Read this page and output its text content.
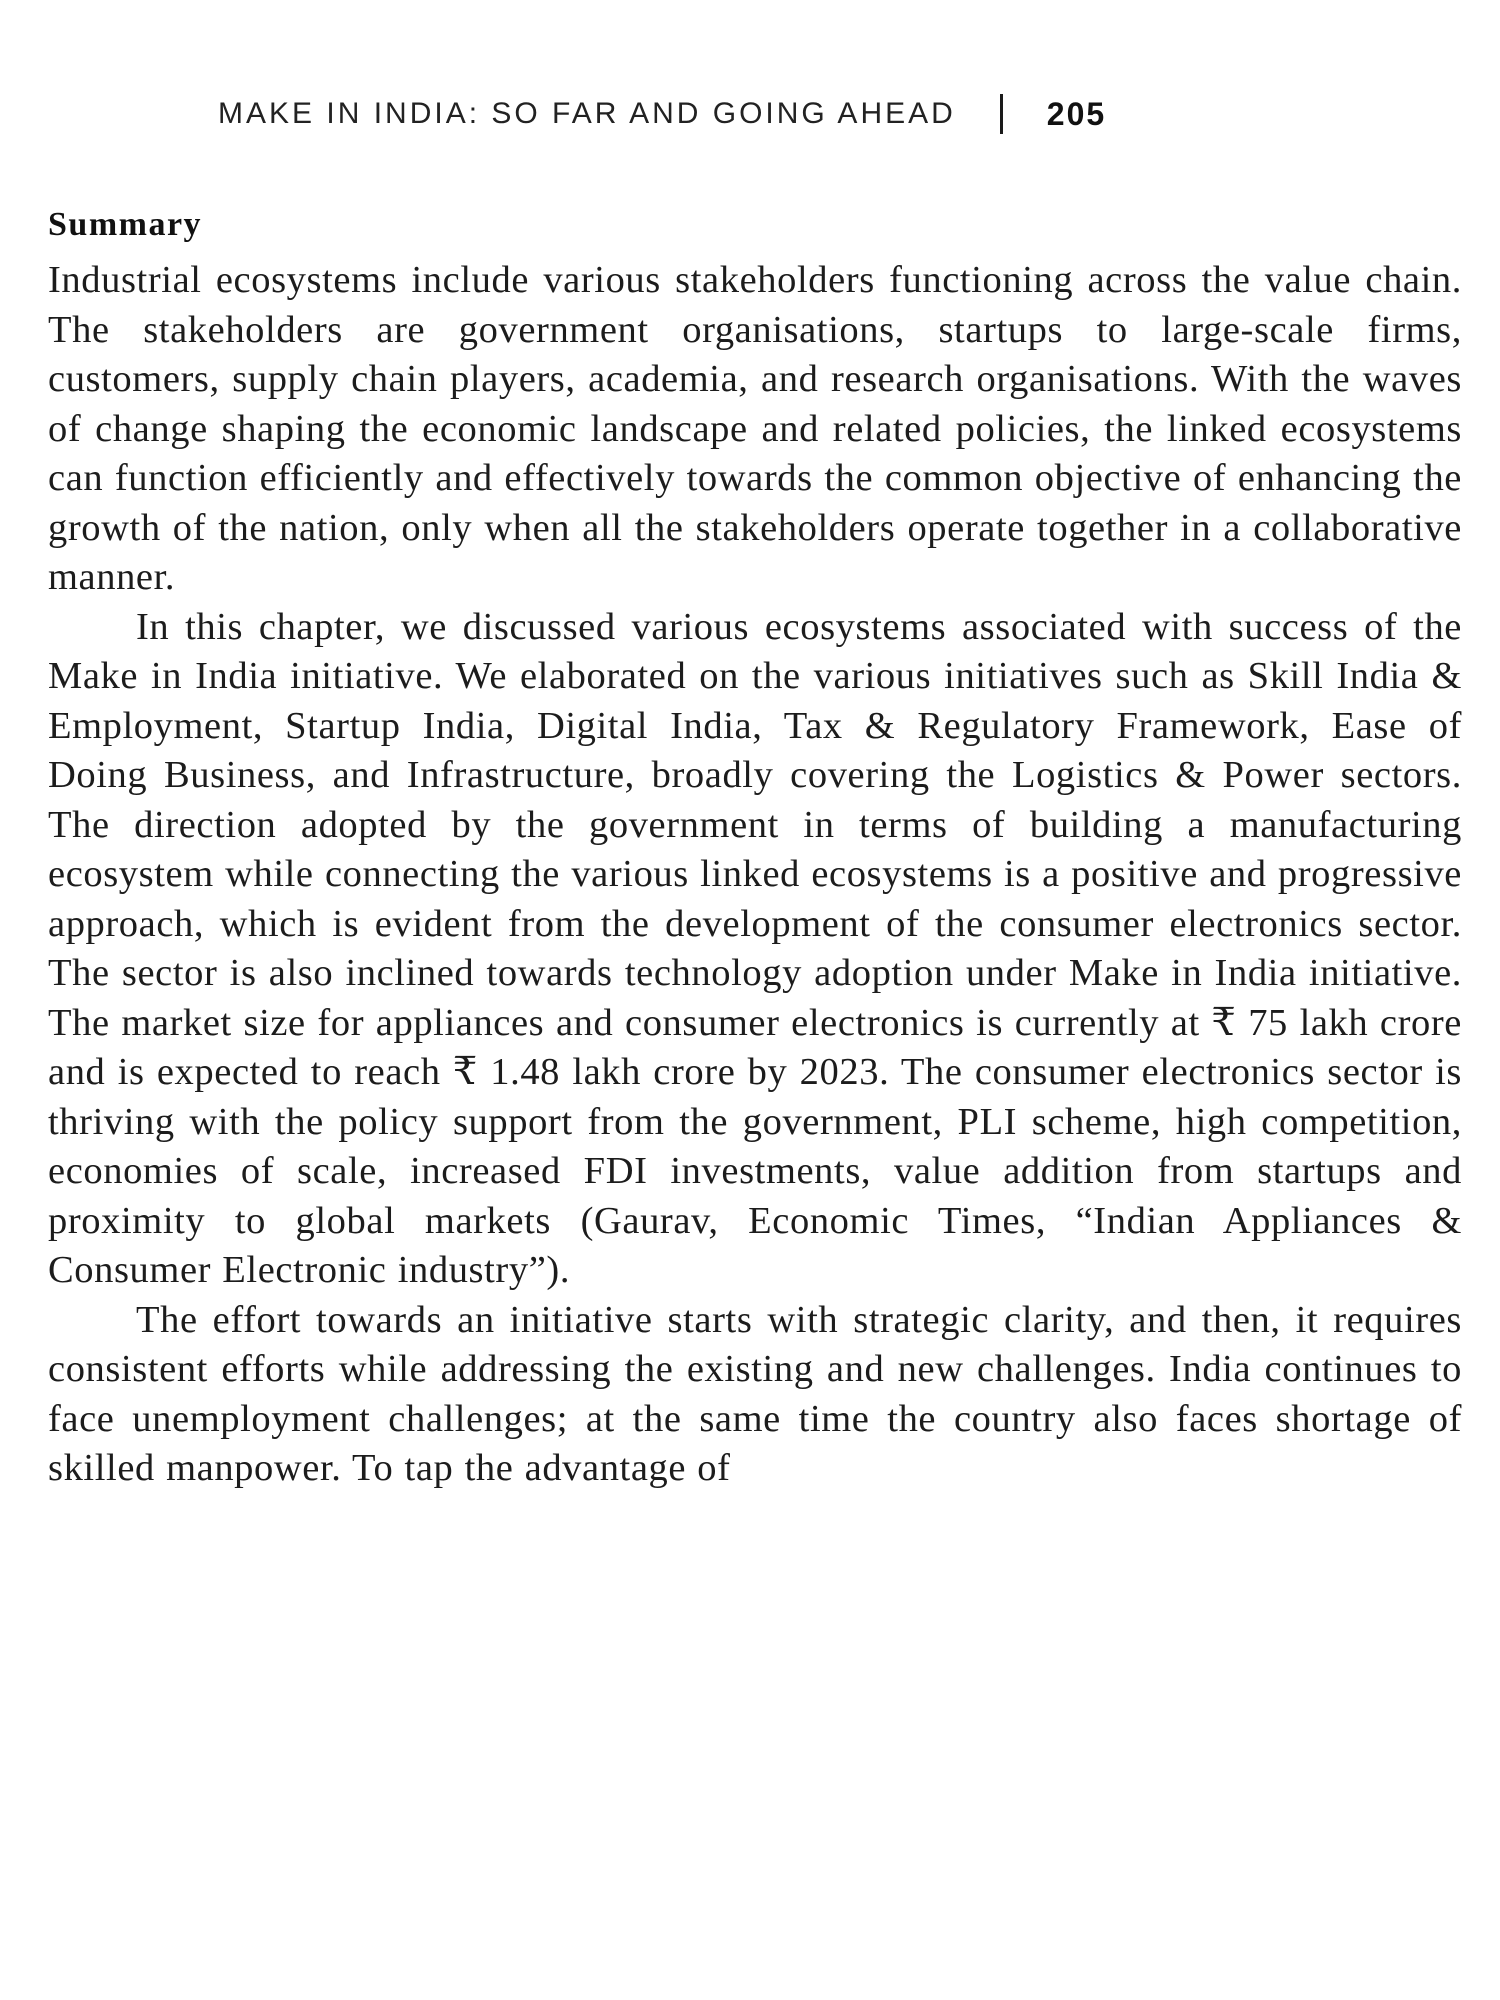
MAKE IN INDIA: SO FAR AND GOING AHEAD	205
Summary

Industrial ecosystems include various stakeholders functioning across the value chain. The stakeholders are government organisations, startups to large-scale firms, customers, supply chain players, academia, and research organisations. With the waves of change shaping the economic landscape and related policies, the linked ecosystems can function efficiently and effectively towards the common objective of enhancing the growth of the nation, only when all the stakeholders operate together in a collaborative manner.

In this chapter, we discussed various ecosystems associated with success of the Make in India initiative. We elaborated on the various initiatives such as Skill India & Employment, Startup India, Digital India, Tax & Regulatory Framework, Ease of Doing Business, and Infrastructure, broadly covering the Logistics & Power sectors. The direction adopted by the government in terms of building a manufacturing ecosystem while connecting the various linked ecosystems is a positive and progressive approach, which is evident from the development of the consumer electronics sector. The sector is also inclined towards technology adoption under Make in India initiative. The market size for appliances and consumer electronics is currently at ₹ 75 lakh crore and is expected to reach ₹ 1.48 lakh crore by 2023. The consumer electronics sector is thriving with the policy support from the government, PLI scheme, high competition, economies of scale, increased FDI investments, value addition from startups and proximity to global markets (Gaurav, Economic Times, “Indian Appliances & Consumer Electronic industry”).

The effort towards an initiative starts with strategic clarity, and then, it requires consistent efforts while addressing the existing and new challenges. India continues to face unemployment challenges; at the same time the country also faces shortage of skilled manpower. To tap the advantage of
